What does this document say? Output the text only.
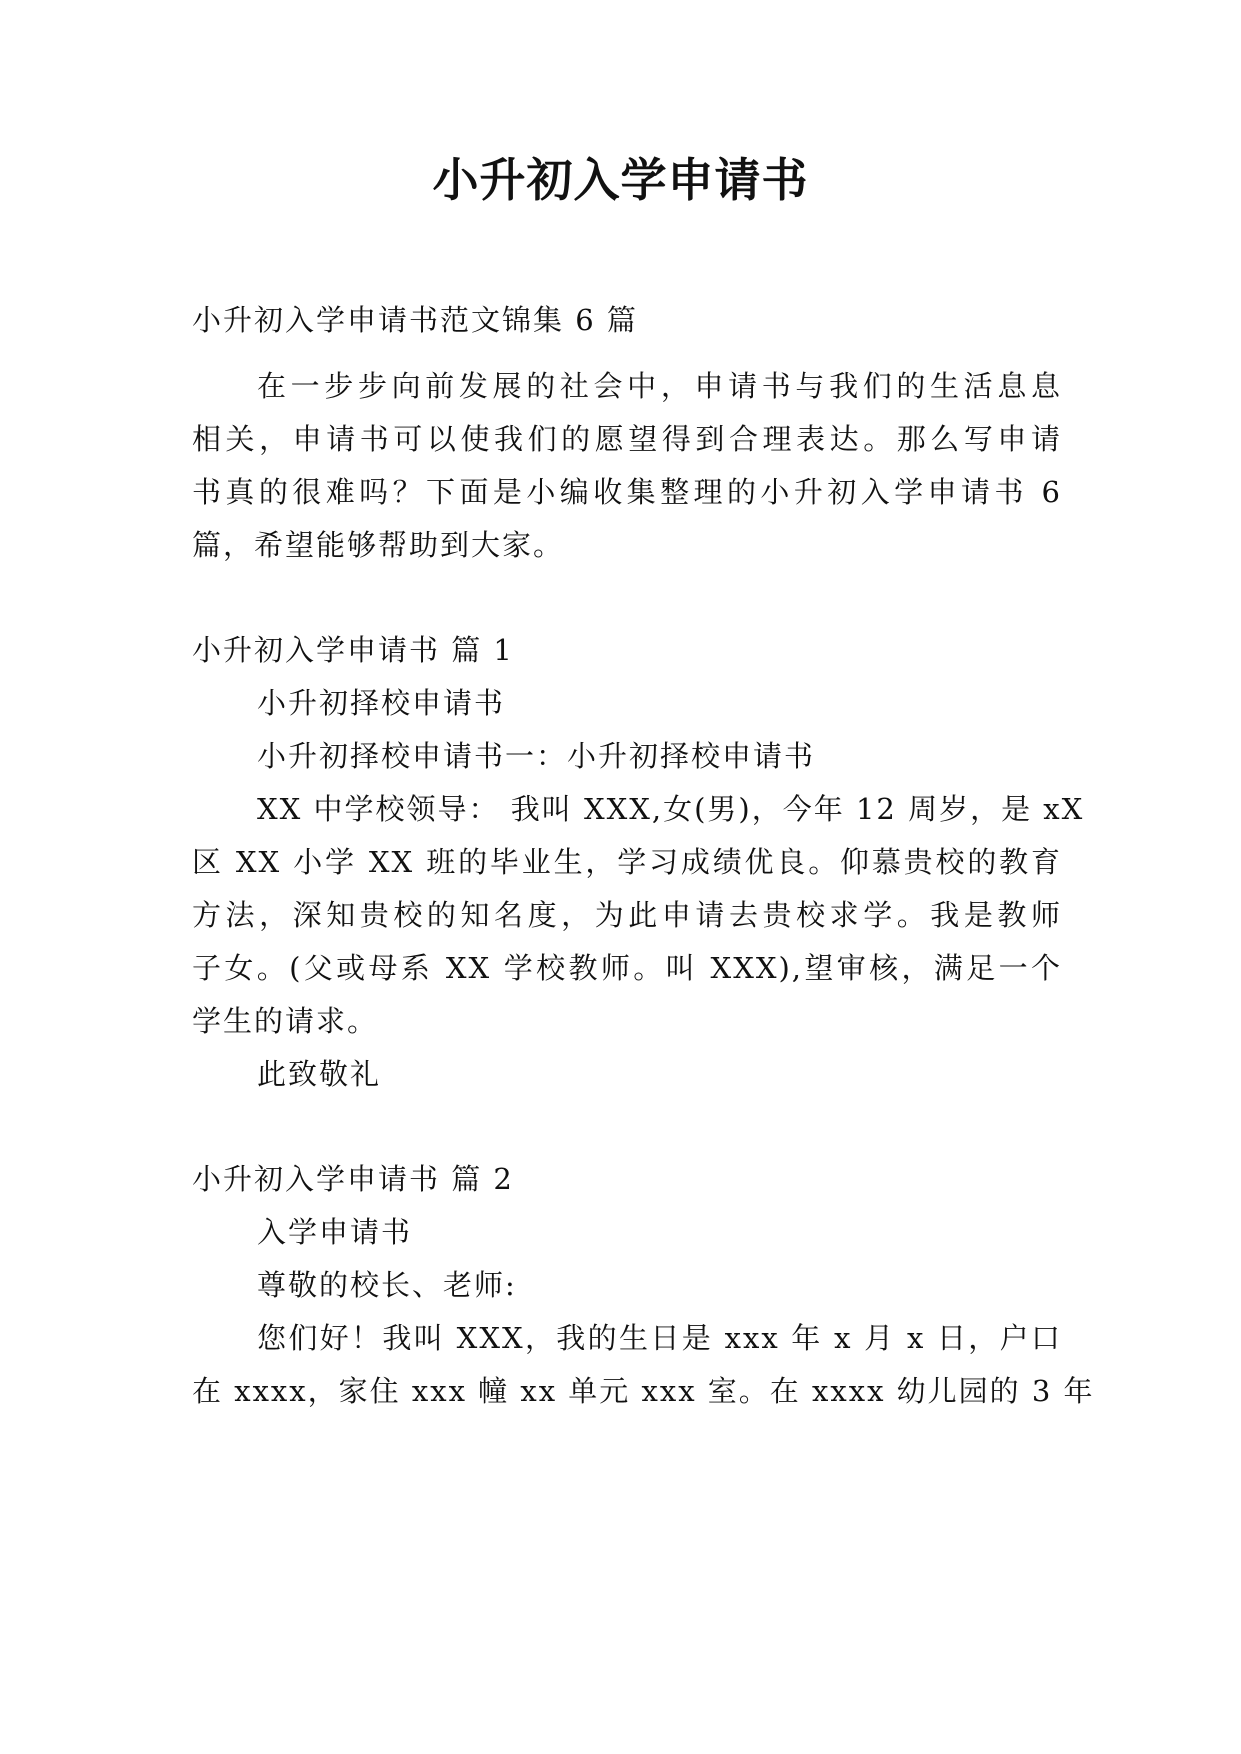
小升初入学申请书

小升初入学申请书范文锦集 6 篇

在一步步向前发展的社会中，申请书与我们的生活息息

相关，申请书可以使我们的愿望得到合理表达。那么写申请

书真的很难吗？下面是小编收集整理的小升初入学申请书 6

篇，希望能够帮助到大家。

小升初入学申请书 篇 1

小升初择校申请书

小升初择校申请书一：小升初择校申请书

XX 中学校领导： 我叫 XXX,女(男)，今年 12 周岁，是 xX

区 XX 小学 XX 班的毕业生，学习成绩优良。仰慕贵校的教育

方法，深知贵校的知名度，为此申请去贵校求学。我是教师

子女。(父或母系 XX 学校教师。叫 XXX),望审核，满足一个

学生的请求。

此致敬礼

小升初入学申请书 篇 2

入学申请书

尊敬的校长、老师:

您们好！我叫 XXX，我的生日是 xxx 年 x 月 x 日，户口

在 xxxx，家住 xxx 幢 xx 单元 xxx 室。在 xxxx 幼儿园的 3 年
